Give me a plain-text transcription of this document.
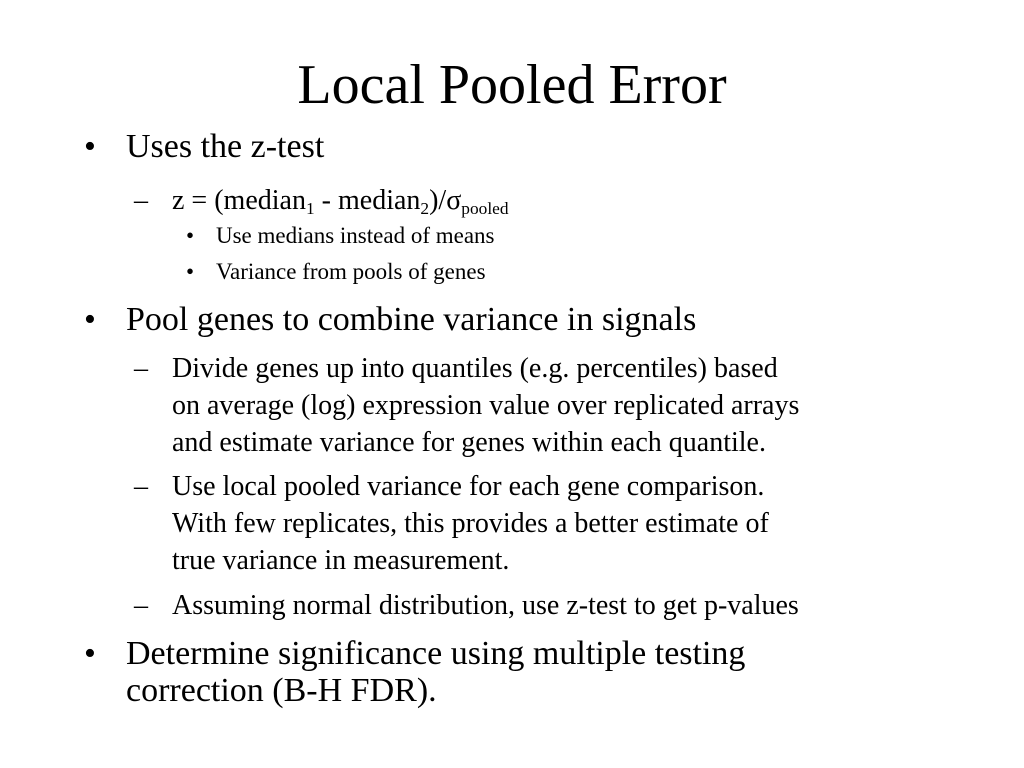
Local Pooled Error
• Uses the z-test
– z = (median$_1$ - $median_2)/\sigma_{pooled}$
• Use medians instead of means
• Variance from pools of genes
• Pool genes to combine variance in signals
– Divide genes up into quantiles (e.g. percentiles) based
on average (log) expression value over replicated arrays
and estimate variance for genes within each quantile.
– Use local pooled variance for each gene comparison.
With few replicates, this provides a better estimate of
true variance in measurement.
– Assuming normal distribution, use z-test to get p-values
• Determine significance using multiple testing
correction (B-H FDR).
